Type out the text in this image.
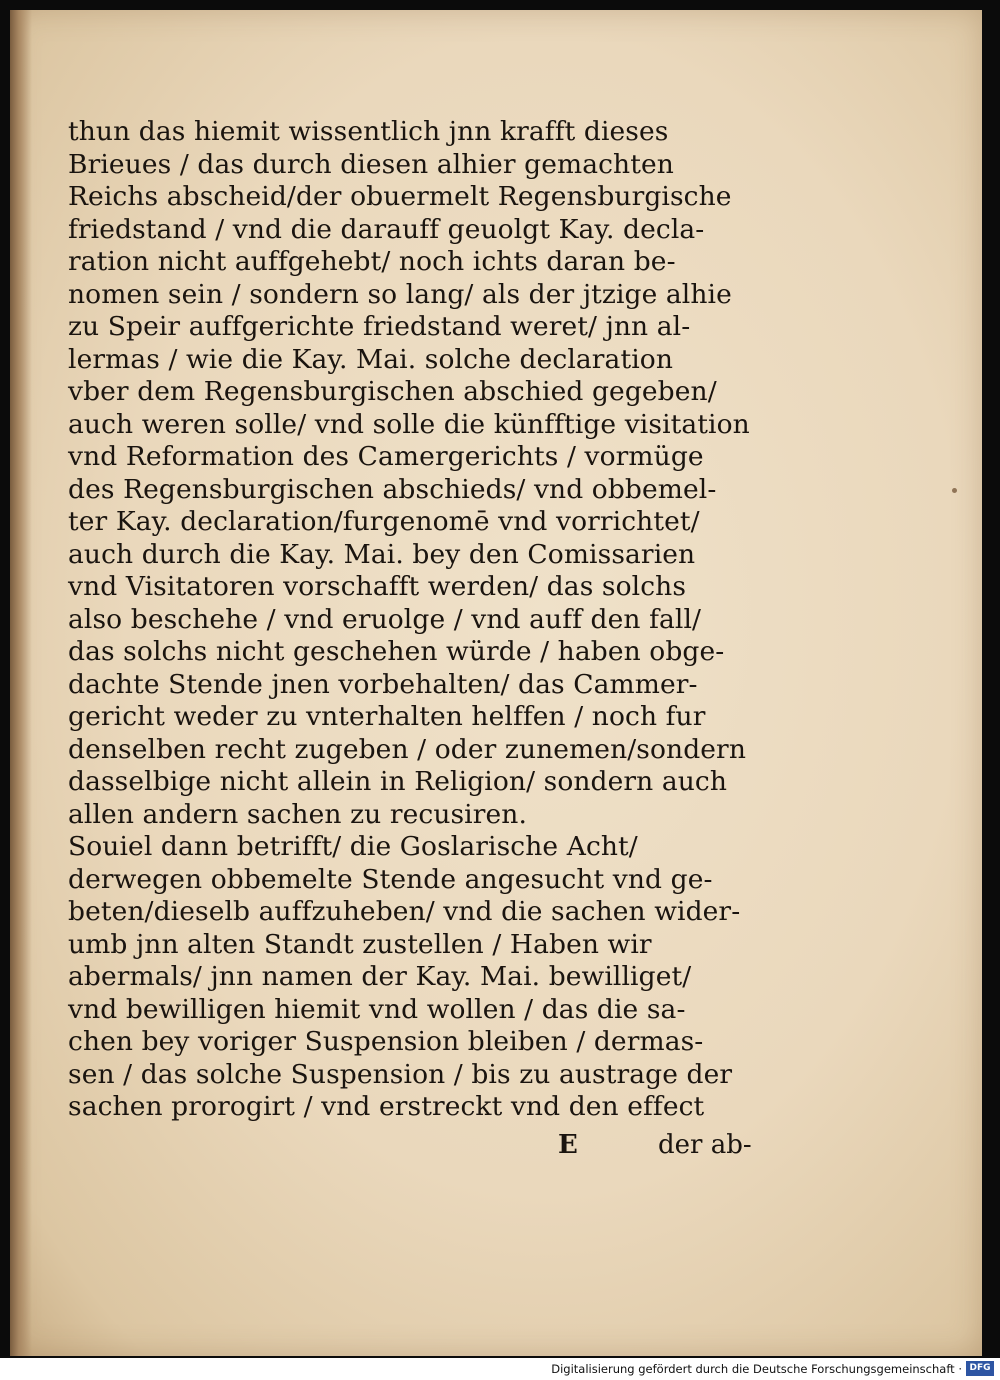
thun das hiemit wissentlich jnn krafft dieses
Brieues / das durch diesen alhier gemachten
Reichs abscheid/der obuermelt Regensburgische
friedstand / vnd die darauff geuolgt Kay. decla-
ration nicht auffgehebt/ noch ichts daran be-
nomen sein / sondern so lang/ als der jtzige alhie
zu Speir auffgerichte friedstand weret/ jnn al-
lermas / wie die Kay. Mai. solche declaration
vber dem Regensburgischen abschied gegeben/
auch weren solle/ vnd solle die künfftige visitation
vnd Reformation des Camergerichts / vormüge
des Regensburgischen abschieds/ vnd obbemel-
ter Kay. declaration/furgenomē vnd vorrichtet/
auch durch die Kay. Mai. bey den Comissarien
vnd Visitatoren vorschafft werden/ das solchs
also beschehe / vnd eruolge / vnd auff den fall/
das solchs nicht geschehen würde / haben obge-
dachte Stende jnen vorbehalten/ das Cammer-
gericht weder zu vnterhalten helffen / noch fur
denselben recht zugeben / oder zunemen/sondern
dasselbige nicht allein in Religion/ sondern auch
allen andern sachen zu recusiren.
Souiel dann betrifft/ die Goslarische Acht/
derwegen obbemelte Stende angesucht vnd ge-
beten/dieselb auffzuheben/ vnd die sachen wider-
umb jnn alten Standt zustellen / Haben wir
abermals/ jnn namen der Kay. Mai. bewilliget/
vnd bewilligen hiemit vnd wollen / das die sa-
chen bey voriger Suspension bleiben / dermas-
sen / das solche Suspension / bis zu austrage der
sachen prorogirt / vnd erstreckt vnd den effect
E	der ab-
Digitalisierung gefördert durch die Deutsche Forschungsgemeinschaft · DFG
